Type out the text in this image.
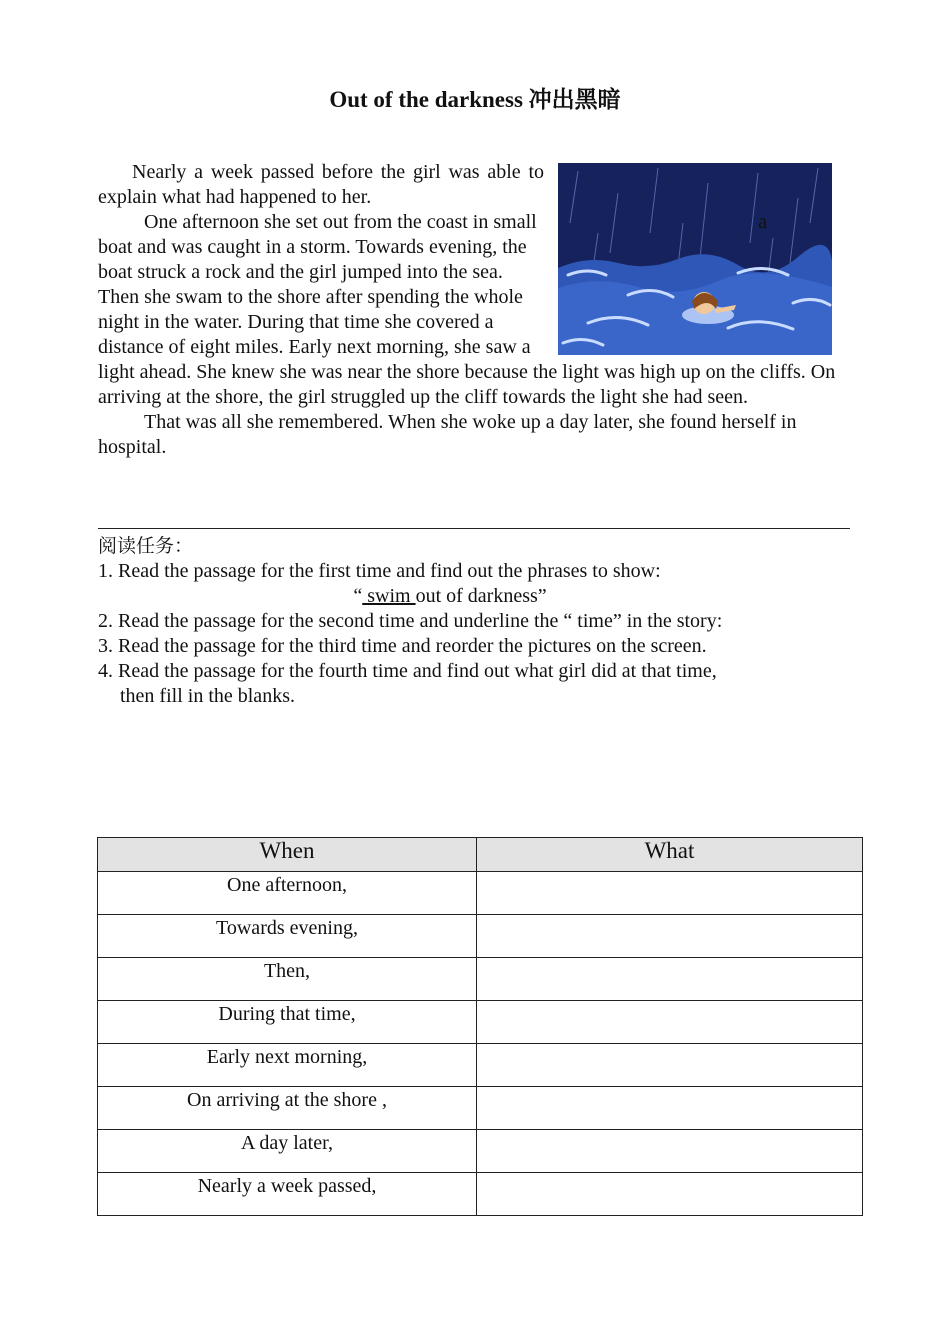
Out of the darkness 冲出黑暗

Nearly a week passed before the girl was able to explain what had happened to her.

One afternoon she set out from the coast in	a
small boat and was caught in a storm. Towards evening, the boat struck a rock and the girl jumped into the sea. Then she swam to the shore after spending the whole night in the water. During that time she covered a distance of eight miles. Early next morning, she saw a light ahead. She knew she was near the shore because the light was high up on the cliffs. On arriving at the shore, the girl struggled up the cliff towards the light she had seen.

That was all she remembered. When she woke up a day later, she found herself in hospital.

阅读任务：
1. Read the passage for the first time and find out the phrases to show:
“ swim out of darkness”
2. Read the passage for the second time and underline the “ time” in the story:
3. Read the passage for the third time and reorder the pictures on the screen.
4. Read the passage for the fourth time and find out what girl did at that time,
then fill in the blanks.
When	What
One afternoon,	
Towards evening,	
Then,	
During that time,	
Early next morning,	
On arriving at the shore ,	
A day later,	
Nearly a week passed,	
